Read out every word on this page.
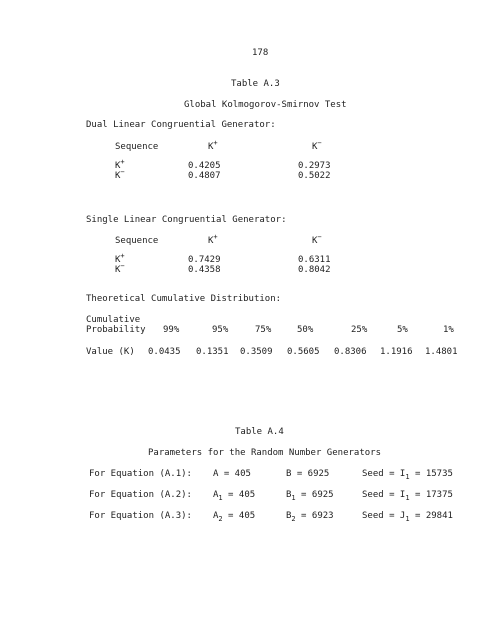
178
Table A.3
Global Kolmogorov-Smirnov Test
Dual Linear Congruential Generator:
Sequence	K+	K−
K+	0.4205	0.2973
K−	0.4807	0.5022
Single Linear Congruential Generator:
Sequence	K+	K−
K+	0.7429	0.6311
K−	0.4358	0.8042
Theoretical Cumulative Distribution:
Cumulative
Probability 99%	95%	75%	50%	25%	5%	1%
Value (K) 0.0435 0.1351 0.3509 0.5605 0.8306 1.1916 1.4801
Table A.4
Parameters for the Random Number Generators
For Equation (A.1): A = 405	B = 6925	Seed = $I_1 = 15735$
For Equation (A.2): $A_1 = 405$	$B_1 = 6925$	Seed = $I_1 = 17375$
For Equation (A.3): $A_2 = 405$	$B_2 = 6923$	Seed = $J_1 = 29841$
